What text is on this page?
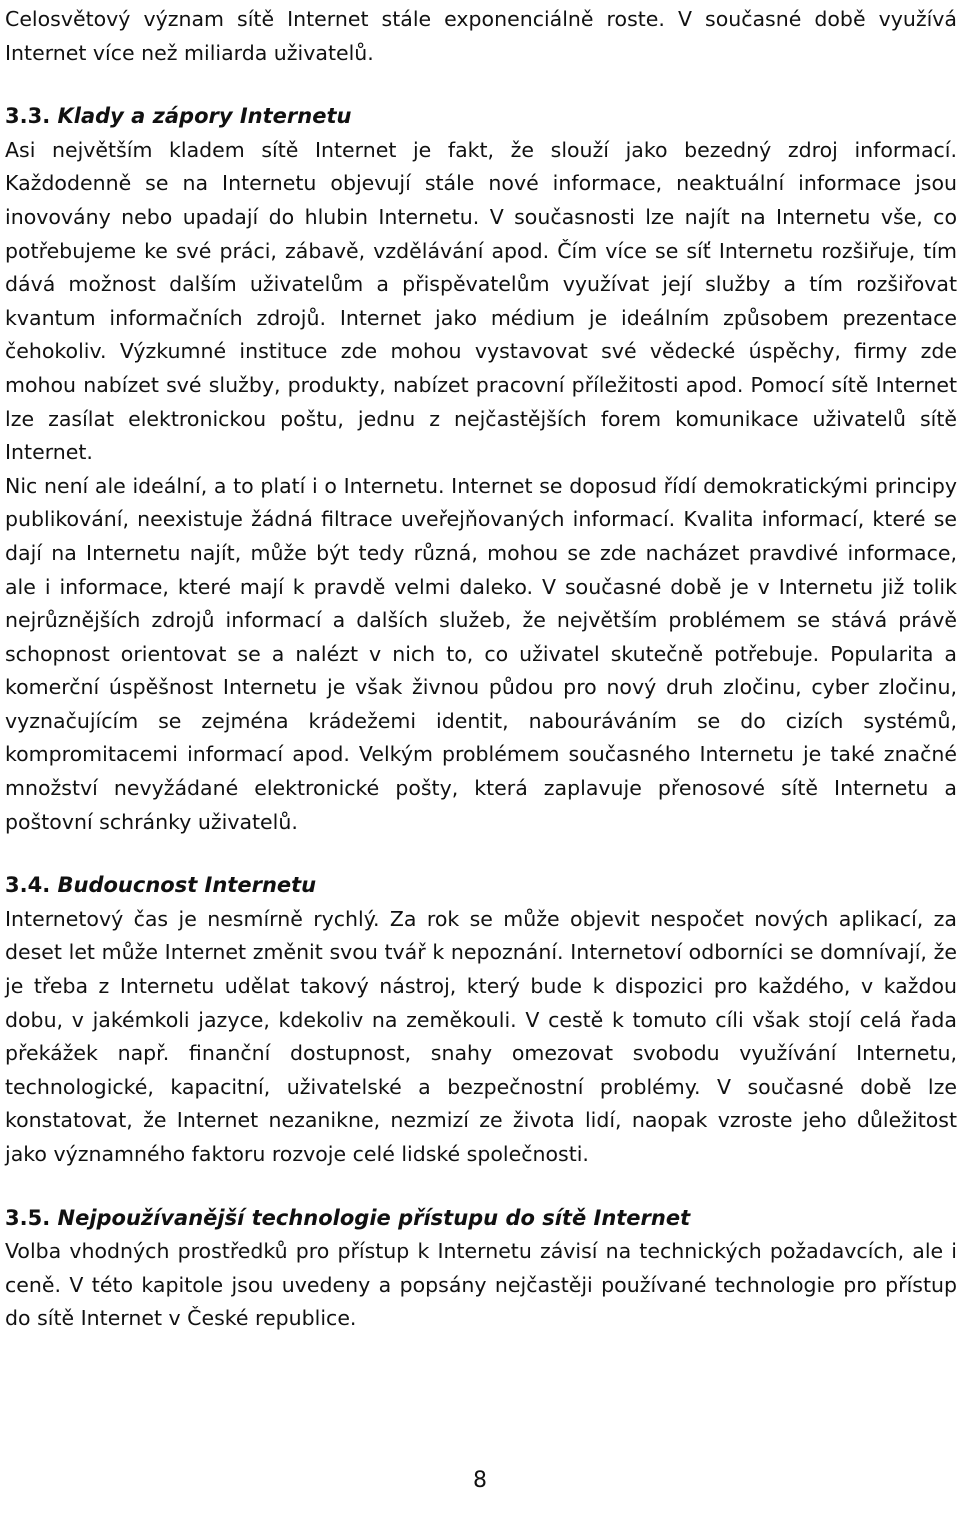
Celosvětový význam sítě Internet stále exponenciálně roste. V současné době využívá Internet více než miliarda uživatelů.

3.3. Klady a zápory Internetu

Asi největším kladem sítě Internet je fakt, že slouží jako bezedný zdroj informací. Každodenně se na Internetu objevují stále nové informace, neaktuální informace jsou inovovány nebo upadají do hlubin Internetu. V současnosti lze najít na Internetu vše, co potřebujeme ke své práci, zábavě, vzdělávání apod. Čím více se síť Internetu rozšiřuje, tím dává možnost dalším uživatelům a přispěvatelům využívat její služby a tím rozšiřovat kvantum informačních zdrojů. Internet jako médium je ideálním způsobem prezentace čehokoliv. Výzkumné instituce zde mohou vystavovat své vědecké úspěchy, firmy zde mohou nabízet své služby, produkty, nabízet pracovní příležitosti apod. Pomocí sítě Internet lze zasílat elektronickou poštu, jednu z nejčastějších forem komunikace uživatelů sítě Internet.

Nic není ale ideální, a to platí i o Internetu. Internet se doposud řídí demokratickými principy publikování, neexistuje žádná filtrace uveřejňovaných informací. Kvalita informací, které se dají na Internetu najít, může být tedy různá, mohou se zde nacházet pravdivé informace, ale i informace, které mají k pravdě velmi daleko. V současné době je v Internetu již tolik nejrůznějších zdrojů informací a dalších služeb, že největším problémem se stává právě schopnost orientovat se a nalézt v nich to, co uživatel skutečně potřebuje. Popularita a komerční úspěšnost Internetu je však živnou půdou pro nový druh zločinu, cyber zločinu, vyznačujícím se zejména krádežemi identit, nabouráváním se do cizích systémů, kompromitacemi informací apod. Velkým problémem současného Internetu je také značné množství nevyžádané elektronické pošty, která zaplavuje přenosové sítě Internetu a poštovní schránky uživatelů.

3.4. Budoucnost Internetu

Internetový čas je nesmírně rychlý. Za rok se může objevit nespočet nových aplikací, za deset let může Internet změnit svou tvář k nepoznání. Internetoví odborníci se domnívají, že je třeba z Internetu udělat takový nástroj, který bude k dispozici pro každého, v každou dobu, v jakémkoli jazyce, kdekoliv na zeměkouli. V cestě k tomuto cíli však stojí celá řada překážek např. finanční dostupnost, snahy omezovat svobodu využívání Internetu, technologické, kapacitní, uživatelské a bezpečnostní problémy. V současné době lze konstatovat, že Internet nezanikne, nezmizí ze života lidí, naopak vzroste jeho důležitost jako významného faktoru rozvoje celé lidské společnosti.

3.5. Nejpoužívanější technologie přístupu do sítě Internet

Volba vhodných prostředků pro přístup k Internetu závisí na technických požadavcích, ale i ceně. V této kapitole jsou uvedeny a popsány nejčastěji používané technologie pro přístup do sítě Internet v České republice.

8
